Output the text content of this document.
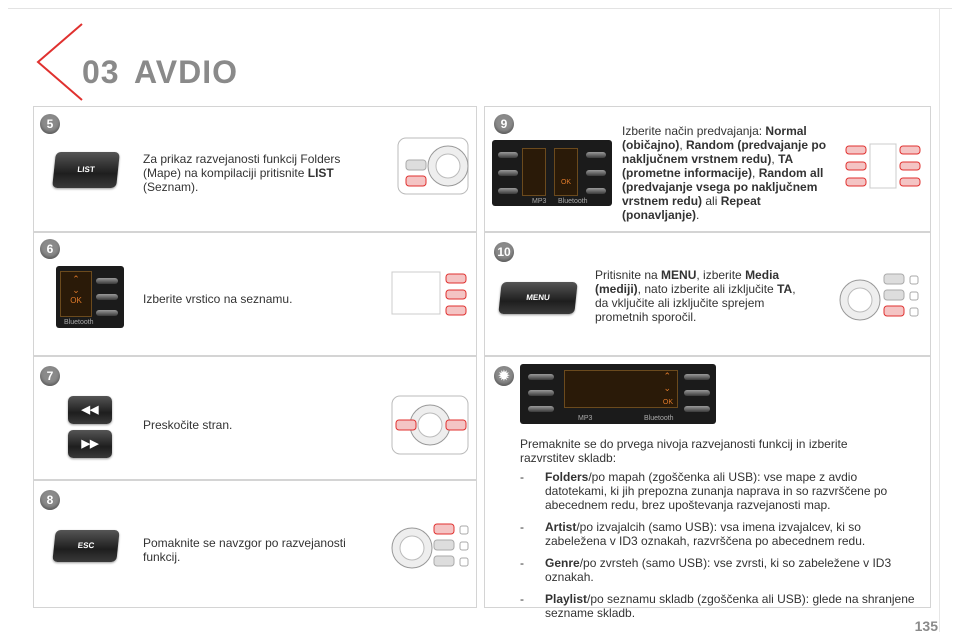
03 AVDIO
5
LIST
Za prikaz razvejanosti funkcij Folders (Mape) na kompilaciji pritisnite LIST (Seznam).
6
⌃
⌄
OK
Bluetooth
Izberite vrstico na seznamu.
7
◀◀
▶▶
Preskočite stran.
8
ESC	Pomaknite se navzgor po razvejanosti funkcij.
9
OK
MP3 Bluetooth
Izberite način predvajanja: Normal (običajno), Random (predvajanje po naključnem vrstnem redu), TA (prometne informacije), Random all (predvajanje vsega po naključnem vrstnem redu) ali Repeat (ponavljanje).
10
MENU
Pritisnite na MENU, izberite Media (mediji), nato izberite ali izključite TA, da vključite ali izključite sprejem prometnih sporočil.
✹	⌃
⌄
OK
MP3	Bluetooth
Premaknite se do prvega nivoja razvejanosti funkcij in izberite razvrstitev skladb:
- Folders/po mapah (zgoščenka ali USB): vse mape z avdio datotekami, ki jih prepozna zunanja naprava in so razvrščene po abecednem redu, brez upoštevanja razvejanosti map.
- Artist/po izvajalcih (samo USB): vsa imena izvajalcev, ki so zabeležena v ID3 oznakah, razvrščena po abecednem redu.
- Genre/po zvrsteh (samo USB): vse zvrsti, ki so zabeležene v ID3 oznakah.
- Playlist/po seznamu skladb (zgoščenka ali USB): glede na shranjene sezname skladb.
135
